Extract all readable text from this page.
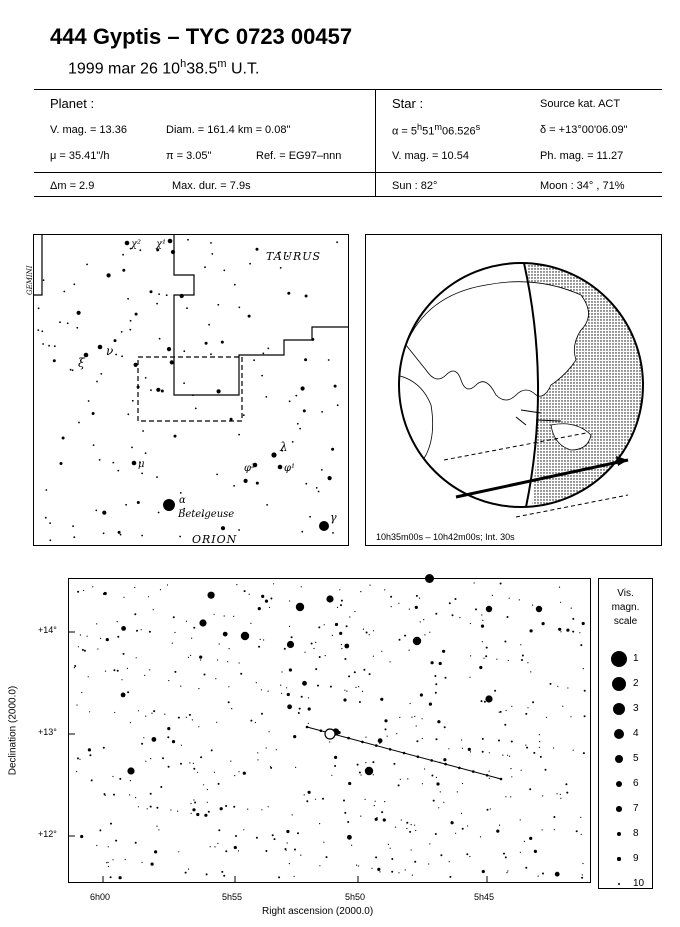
444 Gyptis – TYC 0723 00457
1999 mar 26 10$^h$38.5$^m$ U.T.
Planet :
V. mag. = 13.36	Diam. = 161.4 km = 0.08"
μ = 35.41"/h	π = 3.05"	Ref. = EG97–nnn
Star :	Source kat. ACT
$\alpha = 5^h51^m06.526^s$	δ = +13°00'06.09"
V. mag. = 10.54	Ph. mag. = 11.27
Δm = 2.9	Max. dur. = 7.9s	Sun : 82°	Moon : 34° , 71%
TAURUS
GEMINI
ORION
Betelgeuse
α
γ
λ
μ
ξ
ν
χ¹
χ²
φ²	φ¹
10h35m00s – 10h42m00s; Int. 30s
+14°
+13°
+12°
6h00	5h55	5h50	5h45
Right ascension (2000.0)
Declination (2000.0)
Vis.
magn.
scale
1
2
3
4
5
6
7
8
9
10
